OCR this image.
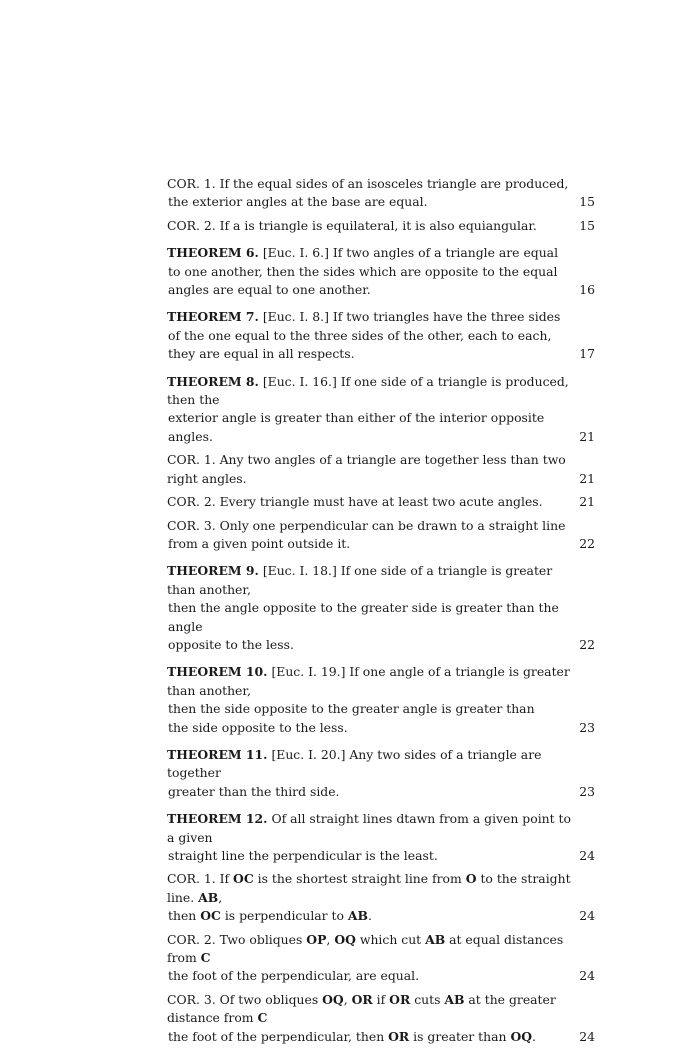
COR. 1. If the equal sides of an isosceles triangle are produced,
the exterior angles at the base are equal.	15
COR. 2. If a is triangle is equilateral, it is also equiangular.	15
THEOREM 6. [Euc. I. 6.] If two angles of a triangle are equal
to one another, then the sides which are opposite to the equal
angles are equal to one another.	16
THEOREM 7. [Euc. I. 8.] If two triangles have the three sides
of the one equal to the three sides of the other, each to each,
they are equal in all respects.	17
THEOREM 8. [Euc. I. 16.] If one side of a triangle is produced, then the
exterior angle is greater than either of the interior opposite angles.	21
COR. 1. Any two angles of a triangle are together less than two right angles.	21
COR. 2. Every triangle must have at least two acute angles.	21
COR. 3. Only one perpendicular can be drawn to a straight line
from a given point outside it.	22
THEOREM 9. [Euc. I. 18.] If one side of a triangle is greater than another,
then the angle opposite to the greater side is greater than the angle
opposite to the less.	22
THEOREM 10. [Euc. I. 19.] If one angle of a triangle is greater than another,
then the side opposite to the greater angle is greater than
the side opposite to the less.	23
THEOREM 11. [Euc. I. 20.] Any two sides of a triangle are together
greater than the third side.	23
THEOREM 12. Of all straight lines dtawn from a given point to a given
straight line the perpendicular is the least.	24
COR. 1. If OC is the shortest straight line from O to the straight line. AB,
then OC is perpendicular to AB.	24
COR. 2. Two obliques OP, OQ which cut AB at equal distances from C
the foot of the perpendicular, are equal.	24
COR. 3. Of two obliques OQ, OR if OR cuts AB at the greater distance from C
the foot of the perpendicular, then OR is greater than OQ.	24
